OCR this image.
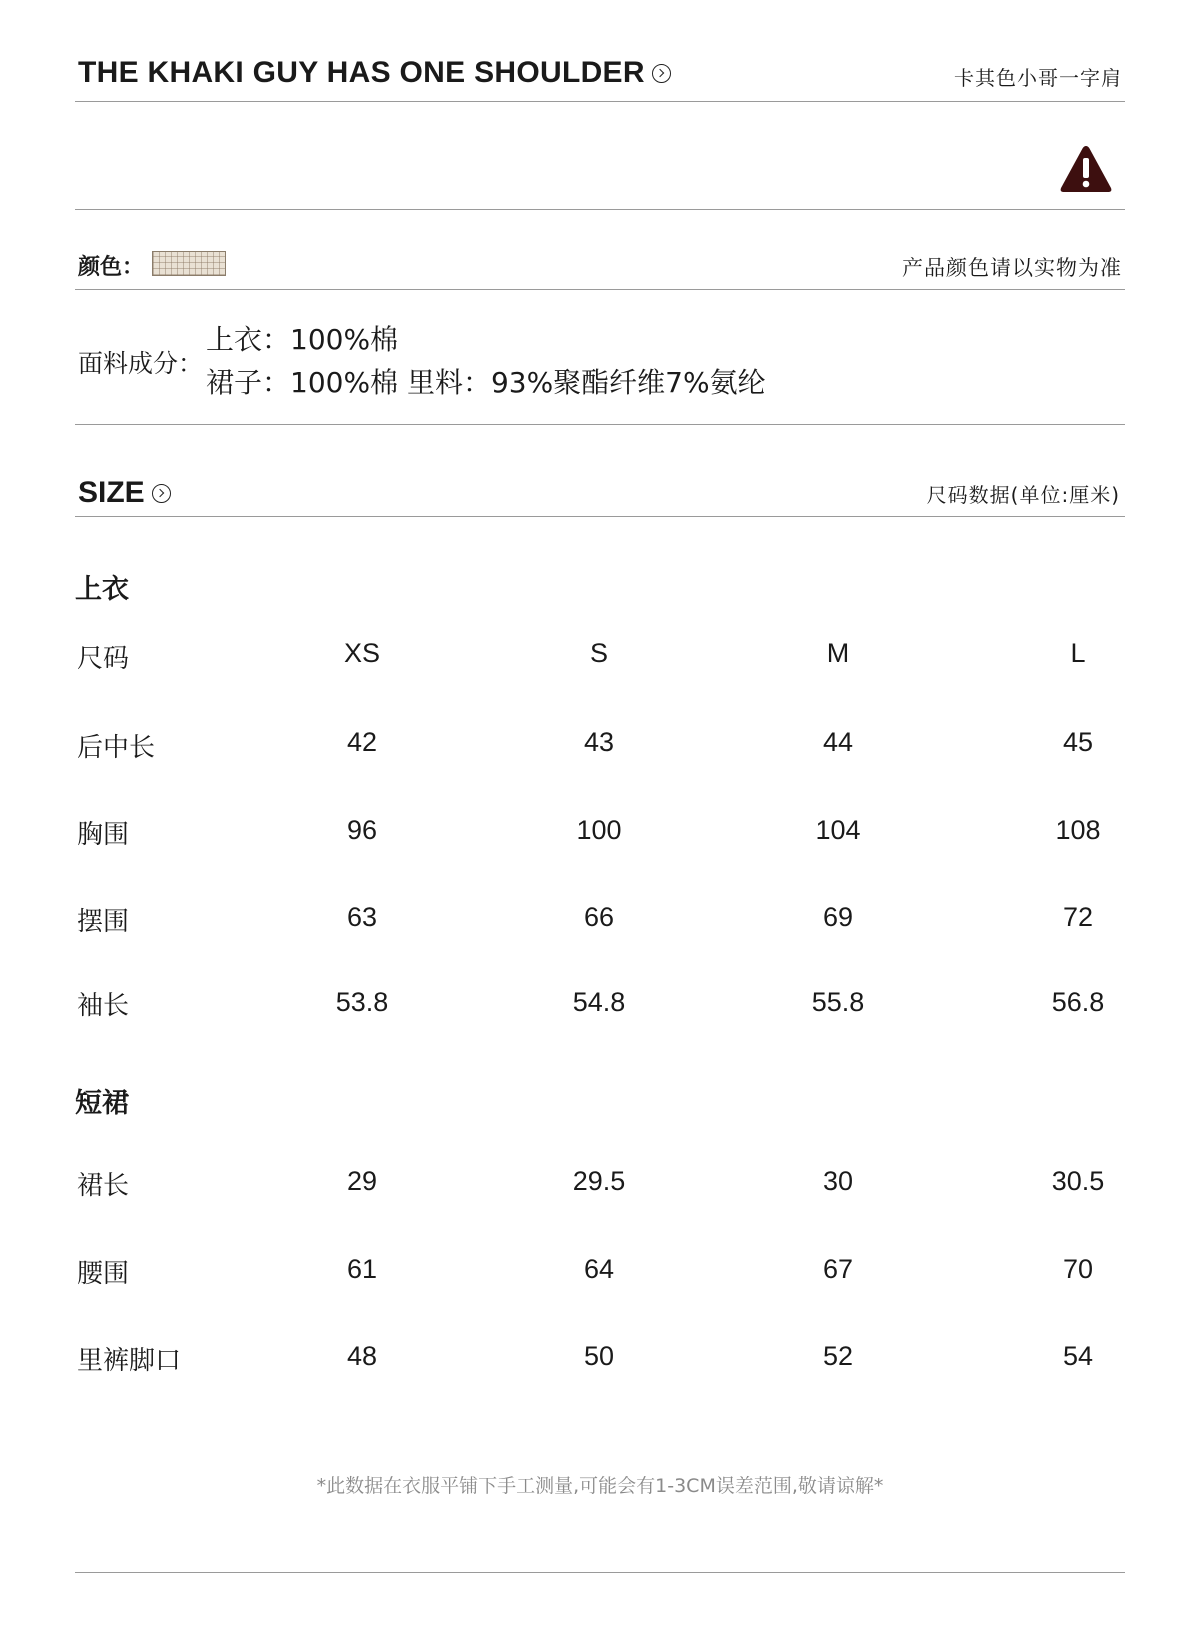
THE KHAKI GUY HAS ONE SHOULDER	卡其色小哥一字肩
颜色：	产品颜色请以实物为准
面料成分：
上衣：100%棉
裙子：100%棉 里料：93%聚酯纤维7%氨纶
SIZE	尺码数据(单位:厘米)
上衣
尺码	XS	S	M	L
后中长	42	43	44	45
胸围	96	100	104	108
摆围	63	66	69	72
袖长	53.8	54.8	55.8	56.8
短裙
裙长	29	29.5	30	30.5
腰围	61	64	67	70
里裤脚口	48	50	52	54
*此数据在衣服平铺下手工测量,可能会有1-3CM误差范围,敬请谅解*
